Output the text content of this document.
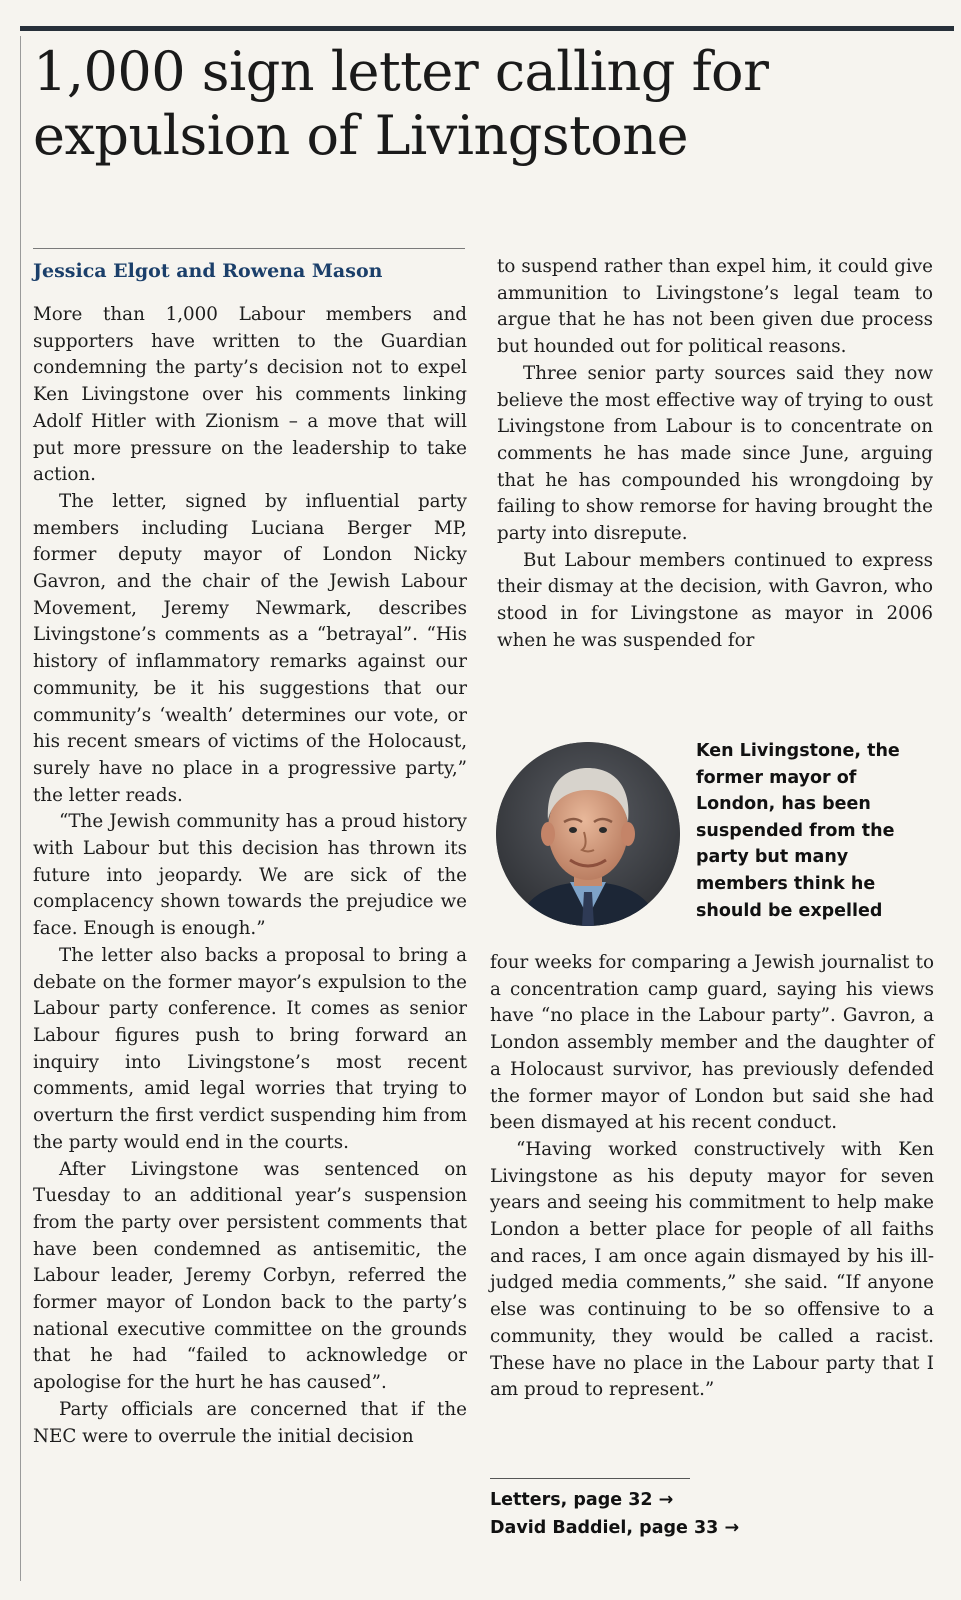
1,000 sign letter calling for expulsion of Livingstone
Jessica Elgot and Rowena Mason

More than 1,000 Labour members and supporters have written to the Guardian condemning the party’s decision not to expel Ken Livingstone over his comments linking Adolf Hitler with Zionism – a move that will put more pressure on the leadership to take action.

The letter, signed by influential party members including Luciana Berger MP, former deputy mayor of London Nicky Gavron, and the chair of the Jewish Labour Movement, Jeremy Newmark, describes Livingstone’s comments as a “betrayal”. “His history of inflammatory remarks against our community, be it his suggestions that our community’s ‘wealth’ determines our vote, or his recent smears of victims of the Holocaust, surely have no place in a progressive party,” the letter reads.

“The Jewish community has a proud history with Labour but this decision has thrown its future into jeopardy. We are sick of the complacency shown towards the prejudice we face. Enough is enough.”

The letter also backs a proposal to bring a debate on the former mayor’s expulsion to the Labour party conference. It comes as senior Labour figures push to bring forward an inquiry into Livingstone’s most recent comments, amid legal worries that trying to overturn the first verdict suspending him from the party would end in the courts.

After Livingstone was sentenced on Tuesday to an additional year’s suspension from the party over persistent comments that have been condemned as antisemitic, the Labour leader, Jeremy Corbyn, referred the former mayor of London back to the party’s national executive committee on the grounds that he had “failed to acknowledge or apologise for the hurt he has caused”.

Party officials are concerned that if the NEC were to overrule the initial decision

to suspend rather than expel him, it could give ammunition to Livingstone’s legal team to argue that he has not been given due process but hounded out for political reasons.

Three senior party sources said they now believe the most effective way of trying to oust Livingstone from Labour is to concentrate on comments he has made since June, arguing that he has compounded his wrongdoing by failing to show remorse for having brought the party into disrepute.

But Labour members continued to express their dismay at the decision, with Gavron, who stood in for Livingstone as mayor in 2006 when he was suspended for

Ken Livingstone, the former mayor of London, has been suspended from the party but many members think he should be expelled

four weeks for comparing a Jewish journalist to a concentration camp guard, saying his views have “no place in the Labour party”. Gavron, a London assembly member and the daughter of a Holocaust survivor, has previously defended the former mayor of London but said she had been dismayed at his recent conduct.

“Having worked constructively with Ken Livingstone as his deputy mayor for seven years and seeing his commitment to help make London a better place for people of all faiths and races, I am once again dismayed by his ill-judged media comments,” she said. “If anyone else was continuing to be so offensive to a community, they would be called a racist. These have no place in the Labour party that I am proud to represent.”

Letters, page 32 →
David Baddiel, page 33 →
